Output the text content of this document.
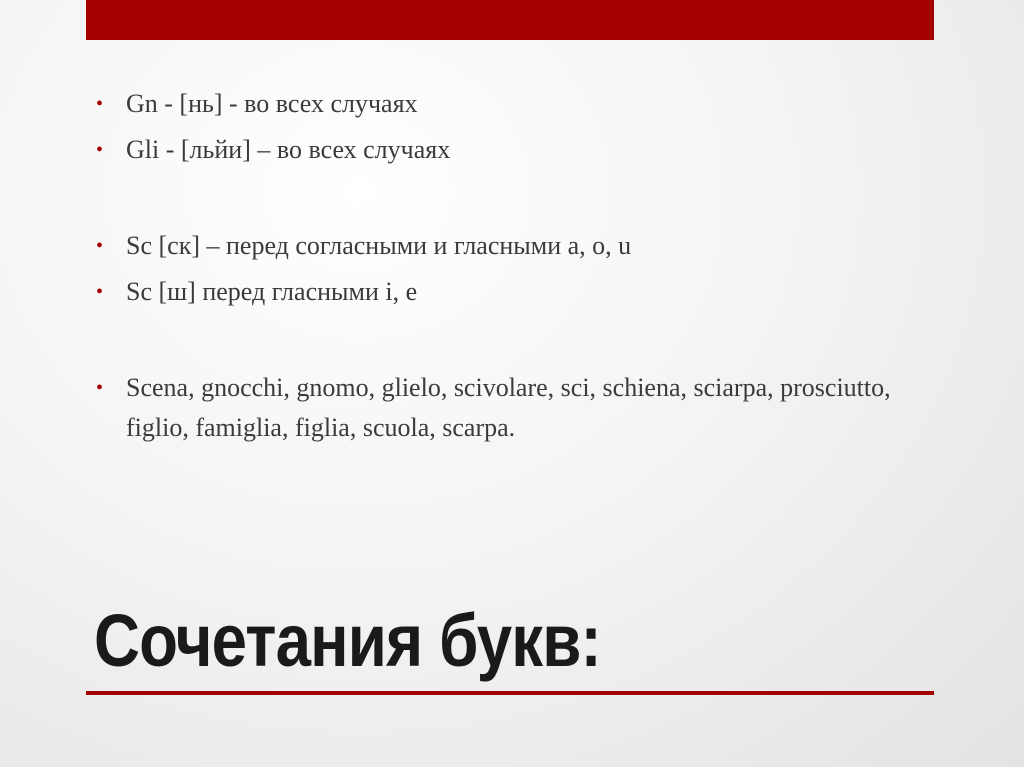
• Gn - [нь] - во всех случаях
• Gli - [льйи] – во всех случаях
• Sc [ск] – перед согласными и гласными a, o, u
• Sc [ш] перед гласными i, e
• Scena, gnocchi, gnomo, glielo, scivolare, sci, schiena, sciarpa, prosciutto, figlio, famiglia, figlia, scuola, scarpa.
Сочетания букв:
